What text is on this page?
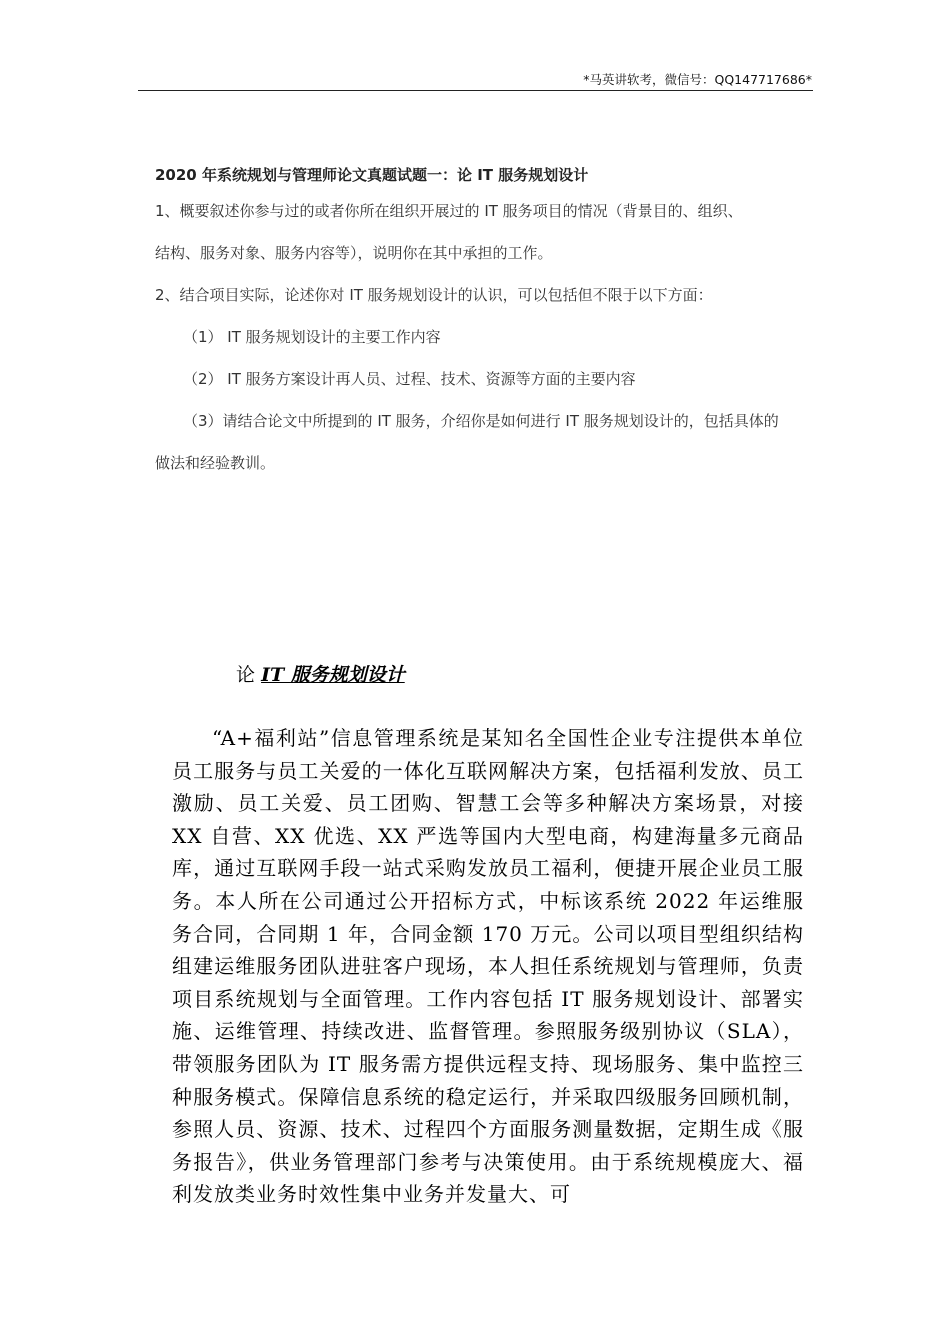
*马英讲软考，微信号：QQ147717686*

2020 年系统规划与管理师论文真题试题一：论 IT 服务规划设计

1、概要叙述你参与过的或者你所在组织开展过的 IT 服务项目的情况（背景目的、组织、

结构、服务对象、服务内容等），说明你在其中承担的工作。

2、结合项目实际，论述你对 IT 服务规划设计的认识，可以包括但不限于以下方面：

（1） IT 服务规划设计的主要工作内容

（2） IT 服务方案设计再人员、过程、技术、资源等方面的主要内容

（3）请结合论文中所提到的 IT 服务，介绍你是如何进行 IT 服务规划设计的，包括具体的

做法和经验教训。

论 IT 服务规划设计

“A+福利站”信息管理系统是某知名全国性企业专注提供本单位员工服务与员工关爱的一体化互联网解决方案，包括福利发放、员工激励、员工关爱、员工团购、智慧工会等多种解决方案场景，对接 XX 自营、XX 优选、XX 严选等国内大型电商，构建海量多元商品库，通过互联网手段一站式采购发放员工福利，便捷开展企业员工服务。本人所在公司通过公开招标方式，中标该系统 2022 年运维服务合同，合同期 1 年，合同金额 170 万元。公司以项目型组织结构组建运维服务团队进驻客户现场，本人担任系统规划与管理师，负责项目系统规划与全面管理。工作内容包括 IT 服务规划设计、部署实施、运维管理、持续改进、监督管理。参照服务级别协议（SLA），带领服务团队为 IT 服务需方提供远程支持、现场服务、集中监控三种服务模式。保障信息系统的稳定运行，并采取四级服务回顾机制，参照人员、资源、技术、过程四个方面服务测量数据，定期生成《服务报告》，供业务管理部门参考与决策使用。由于系统规模庞大、福利发放类业务时效性集中业务并发量大、可
